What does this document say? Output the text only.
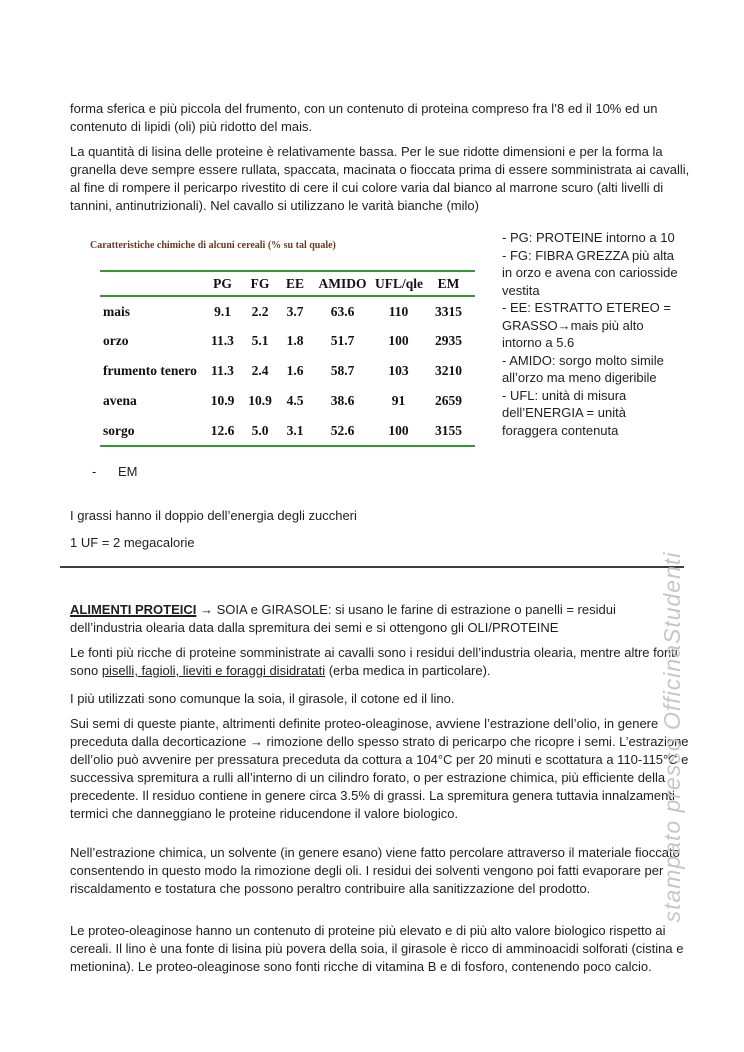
forma sferica e più piccola del frumento, con un contenuto di proteina compreso fra l’8 ed il 10% ed un contenuto di lipidi (oli) più ridotto del mais.

La quantità di lisina delle proteine è relativamente bassa. Per le sue ridotte dimensioni e per la forma la granella deve sempre essere rullata, spaccata, macinata o fioccata prima di essere somministrata ai cavalli, al fine di rompere il pericarpo rivestito di cere il cui colore varia dal bianco al marrone scuro (alti livelli di tannini, antinutrizionali). Nel cavallo si utilizzano le varità bianche (milo)

Caratteristiche chimiche di alcuni cereali (% su tal quale)
	PG	FG	EE	AMIDO	UFL/qle	EM
mais	9.1	2.2	3.7	63.6	110	3315
orzo	11.3	5.1	1.8	51.7	100	2935
frumento tenero	11.3	2.4	1.6	58.7	103	3210
avena	10.9	10.9	4.5	38.6	91	2659
sorgo	12.6	5.0	3.1	52.6	100	3155
- PG: PROTEINE intorno a 10
- FG: FIBRA GREZZA più alta in orzo e avena con cariosside vestita
- EE: ESTRATTO ETEREO = GRASSO→mais più alto intorno a 5.6
- AMIDO: sorgo molto simile all’orzo ma meno digeribile
- UFL: unità di misura dell’ENERGIA = unità foraggera contenuta
- EM

I grassi hanno il doppio dell’energia degli zuccheri

1 UF = 2 megacalorie

ALIMENTI PROTEICI → SOIA e GIRASOLE: si usano le farine di estrazione o panelli = residui dell’industria olearia data dalla spremitura dei semi e si ottengono gli OLI/PROTEINE

Le fonti più ricche di proteine somministrate ai cavalli sono i residui dell’industria olearia, mentre altre fonti sono piselli, fagioli, lieviti e foraggi disidratati (erba medica in particolare).

I più utilizzati sono comunque la soia, il girasole, il cotone ed il lino.

Sui semi di queste piante, altrimenti definite proteo-oleaginose, avviene l’estrazione dell’olio, in genere preceduta dalla decorticazione → rimozione dello spesso strato di pericarpo che ricopre i semi. L’estrazione dell’olio può avvenire per pressatura preceduta da cottura a 104°C per 20 minuti e scottatura a 110-115°C e successiva spremitura a rulli all’interno di un cilindro forato, o per estrazione chimica, più efficiente della precedente. Il residuo contiene in genere circa 3.5% di grassi. La spremitura genera tuttavia innalzamenti termici che danneggiano le proteine riducendone il valore biologico.

Nell’estrazione chimica, un solvente (in genere esano) viene fatto percolare attraverso il materiale fioccato consentendo in questo modo la rimozione degli oli. I residui dei solventi vengono poi fatti evaporare per riscaldamento e tostatura che possono peraltro contribuire alla sanitizzazione del prodotto.

Le proteo-oleaginose hanno un contenuto di proteine più elevato e di più alto valore biologico rispetto ai cereali. Il lino è una fonte di lisina più povera della soia, il girasole è ricco di amminoacidi solforati (cistina e metionina). Le proteo-oleaginose sono fonti ricche di vitamina B e di fosforo, contenendo poco calcio.

stampato presso OfficinaStudenti
